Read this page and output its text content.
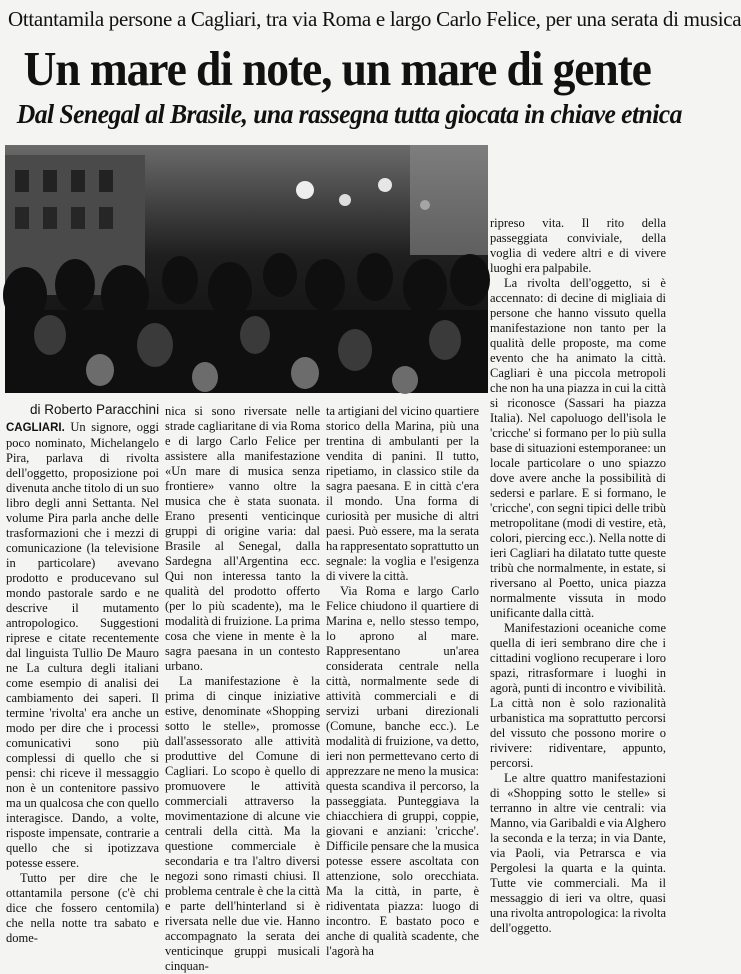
Ottantamila persone a Cagliari, tra via Roma e largo Carlo Felice, per una serata di musica
Un mare di note, un mare di gente
Dal Senegal al Brasile, una rassegna tutta giocata in chiave etnica
di Roberto Paracchini

CAGLIARI. Un signore, oggi poco nominato, Michelangelo Pira, parlava di rivolta dell'oggetto, proposizione poi divenuta anche titolo di un suo libro degli anni Settanta. Nel volume Pira parla anche delle trasformazioni che i mezzi di comunicazione (la televisione in particolare) avevano prodotto e producevano sul mondo pastorale sardo e ne descrive il mutamento antropologico. Suggestioni riprese e citate recentemente dal linguista Tullio De Mauro ne La cultura degli italiani come esempio di analisi dei cambiamento dei saperi. Il termine 'rivolta' era anche un modo per dire che i processi comunicativi sono più complessi di quello che si pensi: chi riceve il messaggio non è un contenitore passivo ma un qualcosa che con quello interagisce. Dando, a volte, risposte impensate, contrarie a quello che si ipotizzava potesse essere.

Tutto per dire che le ottantamila persone (c'è chi dice che fossero centomila) che nella notte tra sabato e dome-

nica si sono riversate nelle strade cagliaritane di via Roma e di largo Carlo Felice per assistere alla manifestazione «Un mare di musica senza frontiere» vanno oltre la musica che è stata suonata. Erano presenti venticinque gruppi di origine varia: dal Brasile al Senegal, dalla Sardegna all'Argentina ecc. Qui non interessa tanto la qualità del prodotto offerto (per lo più scadente), ma le modalità di fruizione. La prima cosa che viene in mente è la sagra paesana in un contesto urbano.

La manifestazione è la prima di cinque iniziative estive, denominate «Shopping sotto le stelle», promosse dall'assessorato alle attività produttive del Comune di Cagliari. Lo scopo è quello di promuovere le attività commerciali attraverso la movimentazione di alcune vie centrali della città. Ma la questione commerciale è secondaria e tra l'altro diversi negozi sono rimasti chiusi. Il problema centrale è che la città e parte dell'hinterland si è riversata nelle due vie. Hanno accompagnato la serata dei venticinque gruppi musicali cinquan-

ta artigiani del vicino quartiere storico della Marina, più una trentina di ambulanti per la vendita di panini. Il tutto, ripetiamo, in classico stile da sagra paesana. E in città c'era il mondo. Una forma di curiosità per musiche di altri paesi. Può essere, ma la serata ha rappresentato soprattutto un segnale: la voglia e l'esigenza di vivere la città.

Via Roma e largo Carlo Felice chiudono il quartiere di Marina e, nello stesso tempo, lo aprono al mare. Rappresentano un'area considerata centrale nella città, normalmente sede di attività commerciali e di servizi urbani direzionali (Comune, banche ecc.). Le modalità di fruizione, va detto, ieri non permettevano certo di apprezzare ne meno la musica: questa scandiva il percorso, la passeggiata. Punteggiava la chiacchiera di gruppi, coppie, giovani e anziani: 'cricche'. Difficile pensare che la musica potesse essere ascoltata con attenzione, solo orecchiata. Ma la città, in parte, è ridiventata piazza: luogo di incontro. E bastato poco e anche di qualità scadente, che l'agorà ha

ripreso vita. Il rito della passeggiata conviviale, della voglia di vedere altri e di vivere luoghi era palpabile.

La rivolta dell'oggetto, si è accennato: di decine di migliaia di persone che hanno vissuto quella manifestazione non tanto per la qualità delle proposte, ma come evento che ha animato la città. Cagliari è una piccola metropoli che non ha una piazza in cui la città si riconosce (Sassari ha piazza Italia). Nel capoluogo dell'isola le 'cricche' si formano per lo più sulla base di situazioni estemporanee: un locale particolare o uno spiazzo dove avere anche la possibilità di sedersi e parlare. E si formano, le 'cricche', con segni tipici delle tribù metropolitane (modi di vestire, età, colori, piercing ecc.). Nella notte di ieri Cagliari ha dilatato tutte queste tribù che normalmente, in estate, si riversano al Poetto, unica piazza normalmente vissuta in modo unificante dalla città.

Manifestazioni oceaniche come quella di ieri sembrano dire che i cittadini vogliono recuperare i loro spazi, ritrasformare i luoghi in agorà, punti di incontro e vivibilità. La città non è solo razionalità urbanistica ma soprattutto percorsi del vissuto che possono morire o rivivere: ridiventare, appunto, percorsi.

Le altre quattro manifestazioni di «Shopping sotto le stelle» si terranno in altre vie centrali: via Manno, via Garibaldi e via Alghero la seconda e la terza; in via Dante, via Paoli, via Petrarsca e via Pergolesi la quarta e la quinta. Tutte vie commerciali. Ma il messaggio di ieri va oltre, quasi una rivolta antropologica: la rivolta dell'oggetto.
